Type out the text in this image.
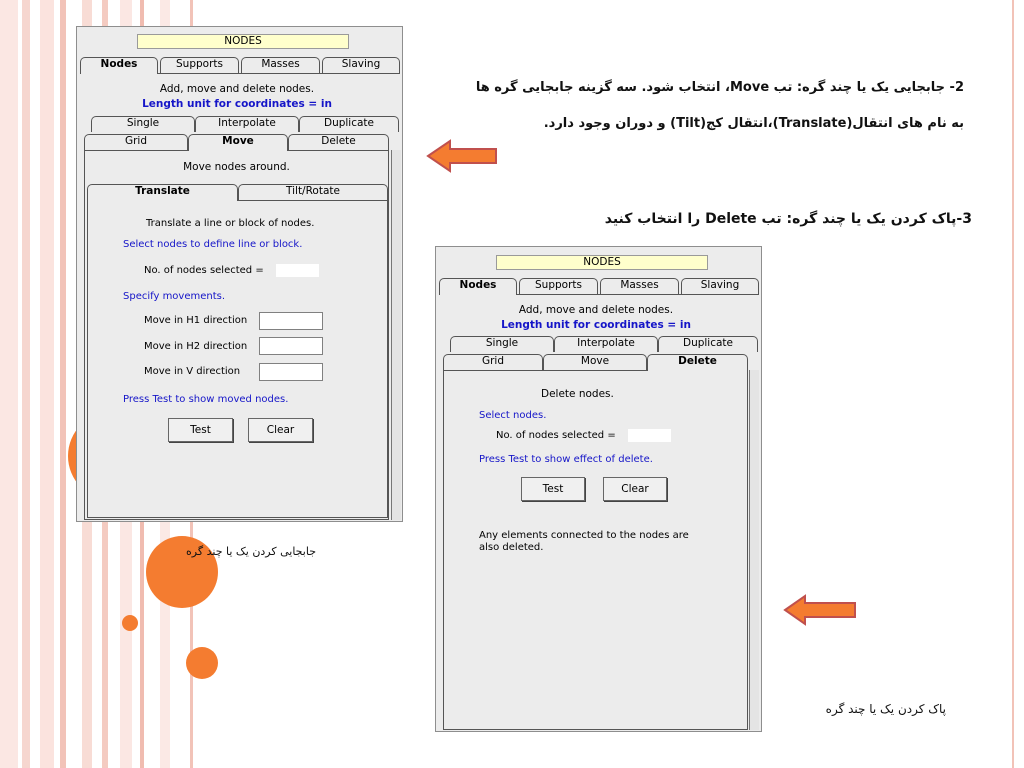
NODES
Nodes	Supports	Masses	Slaving
Add, move and delete nodes.
Length unit for coordinates = in
Single	Interpolate	Duplicate
Grid	Move	Delete
Move nodes around.
Translate	Tilt/Rotate
Translate a line or block of nodes.
Select nodes to define line or block.
No. of nodes selected =
Specify movements.
Move in H1 direction
Move in H2 direction
Move in V direction
Press Test to show moved nodes.
Test	Clear
جابجایی کردن یک یا چند گره
2- جابجایی یک یا چند گره: تب Move، انتخاب شود. سه گزینه جابجایی گره ها
به نام های انتقال(Translate)،انتقال کج(Tilt) و دوران وجود دارد.
3-پاک کردن یک یا چند گره: تب Delete را انتخاب کنید
NODES
Nodes	Supports	Masses	Slaving
Add, move and delete nodes.
Length unit for coordinates = in
Single	Interpolate	Duplicate
Grid	Move	Delete
Delete nodes.
Select nodes.
No. of nodes selected =
Press Test to show effect of delete.
Test	Clear
Any elements connected to the nodes are
also deleted.
پاک کردن یک یا چند گره
